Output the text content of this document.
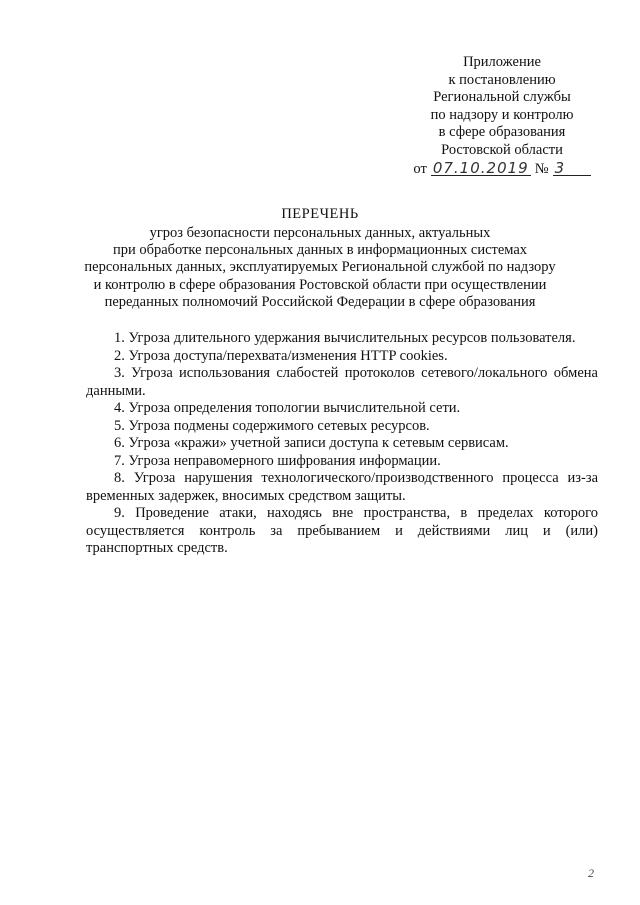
Приложение
к постановлению
Региональной службы
по надзору и контролю
в сфере образования
Ростовской области
от 07.10.2019 № 3
ПЕРЕЧЕНЬ
угроз безопасности персональных данных, актуальных
при обработке персональных данных в информационных системах
персональных данных, эксплуатируемых Региональной службой по надзору
и контролю в сфере образования Ростовской области при осуществлении
переданных полномочий Российской Федерации в сфере образования

1. Угроза длительного удержания вычислительных ресурсов пользователя.

2. Угроза доступа/перехвата/изменения HTTP cookies.

3. Угроза использования слабостей протоколов сетевого/локального обмена данными.

4. Угроза определения топологии вычислительной сети.

5. Угроза подмены содержимого сетевых ресурсов.

6. Угроза «кражи» учетной записи доступа к сетевым сервисам.

7. Угроза неправомерного шифрования информации.

8. Угроза нарушения технологического/производственного процесса из-за временных задержек, вносимых средством защиты.

9. Проведение атаки, находясь вне пространства, в пределах которого осуществляется контроль за пребыванием и действиями лиц и (или) транспортных средств.

2
